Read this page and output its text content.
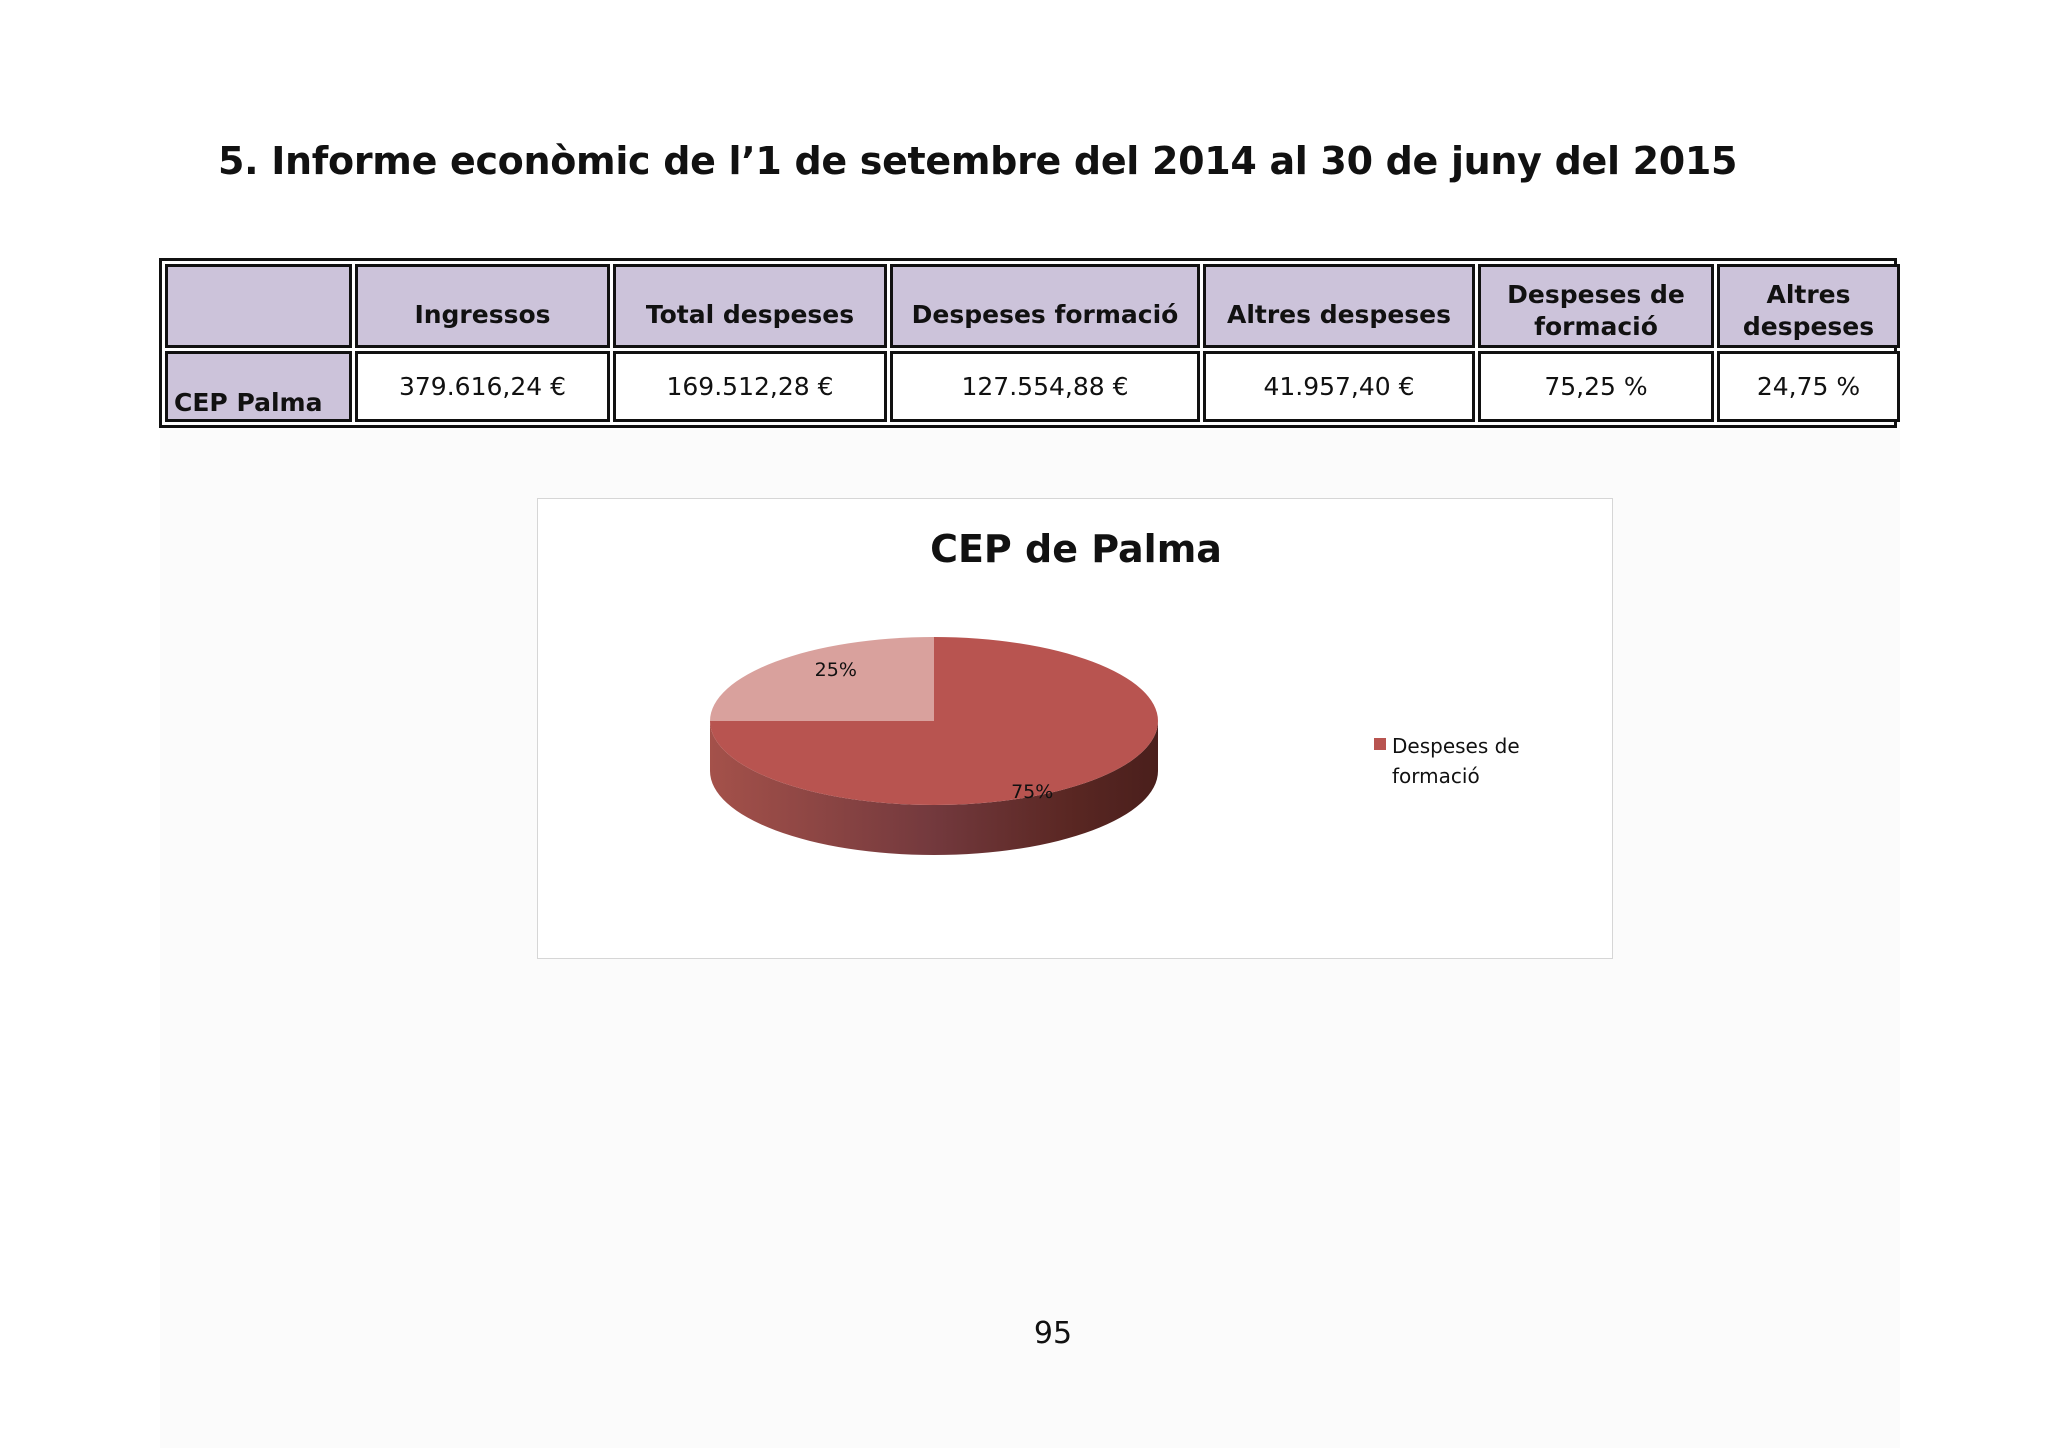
5. Informe econòmic de l’1 de setembre del 2014 al 30 de juny del 2015
	Ingressos	Total despeses	Despeses formació	Altres despeses	Despeses de formació	Altres despeses
CEP Palma	379.616,24 €	169.512,28 €	127.554,88 €	41.957,40 €	75,25 %	24,75 %
CEP de Palma
75%
25%
Despeses de formació
95
